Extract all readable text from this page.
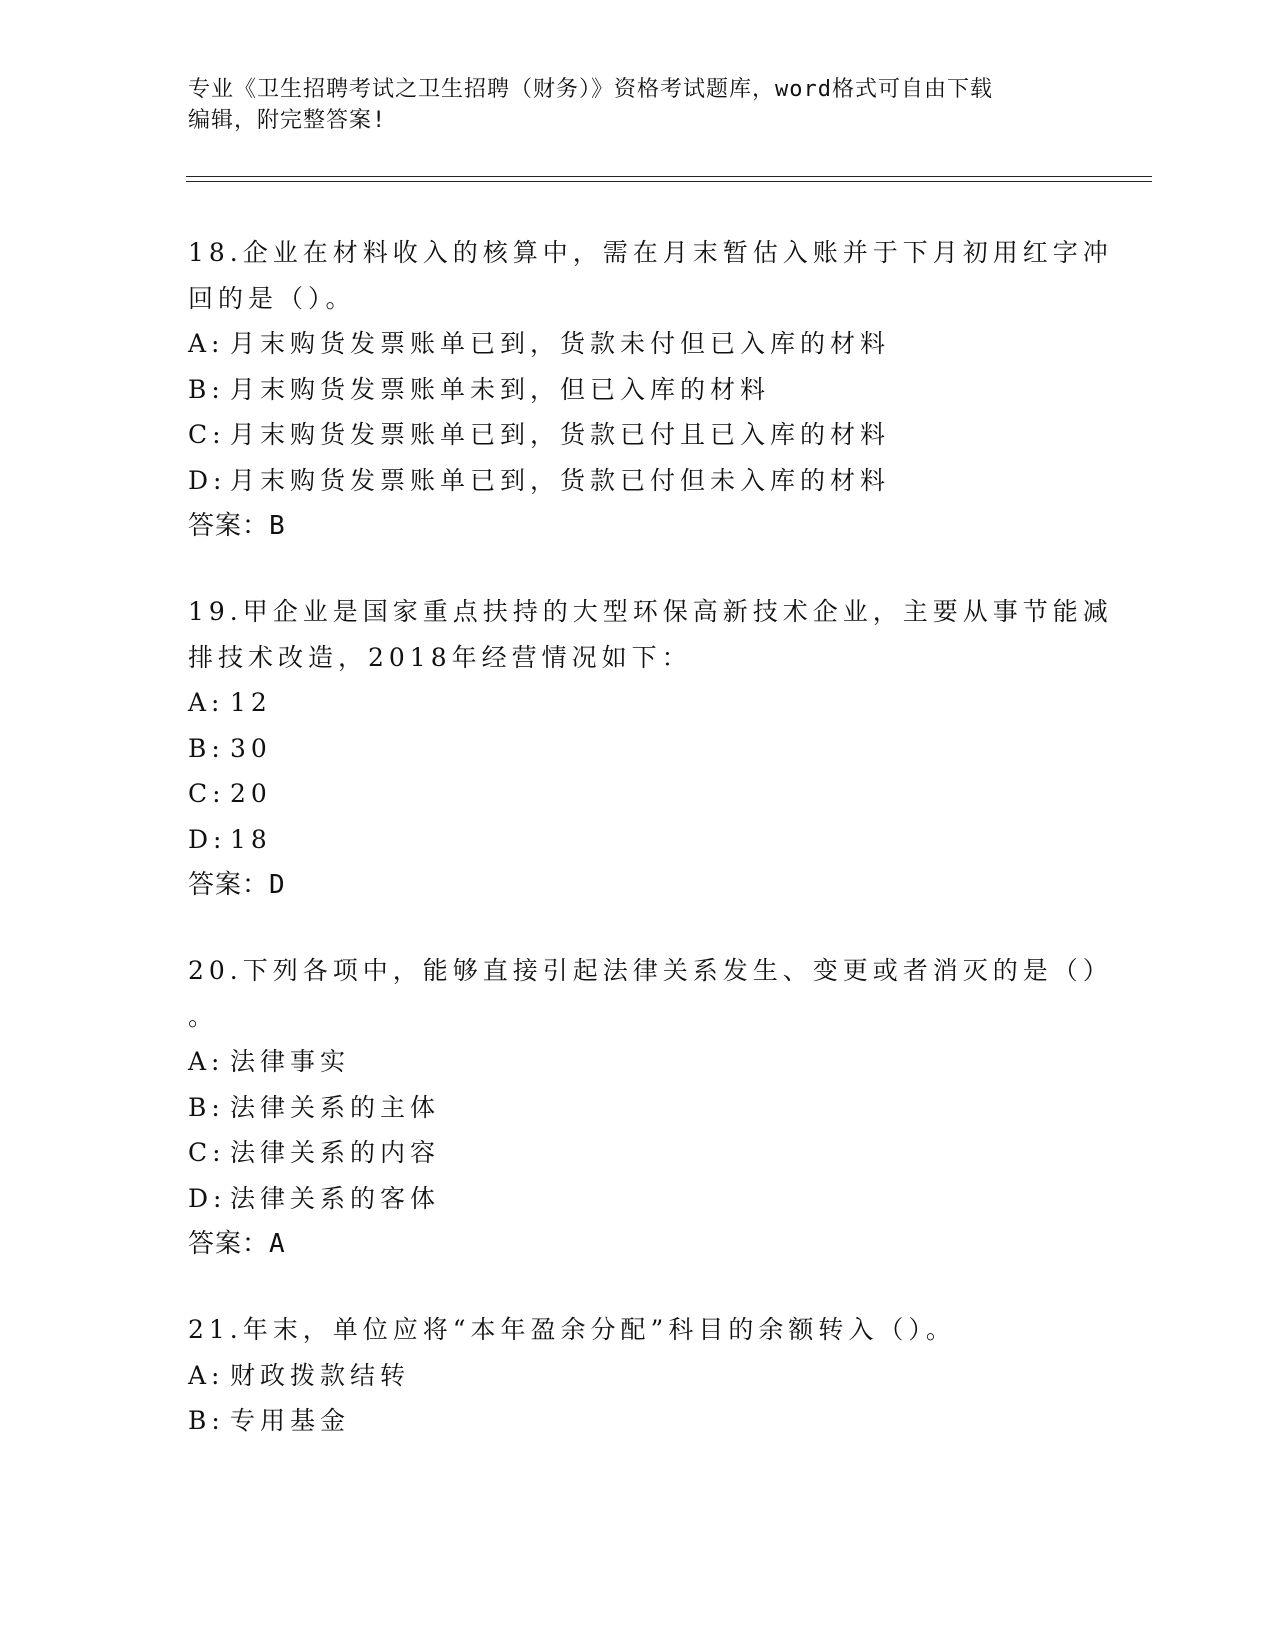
专业《卫生招聘考试之卫生招聘（财务）》资格考试题库，word格式可自由下载
编辑，附完整答案!
18.企业在材料收入的核算中，需在月末暂估入账并于下月初用红字冲
回的是（）。
A: 月末购货发票账单已到，货款未付但已入库的材料
B: 月末购货发票账单未到，但已入库的材料
C: 月末购货发票账单已到，货款已付且已入库的材料
D: 月末购货发票账单已到，货款已付但未入库的材料
答案：B
19.甲企业是国家重点扶持的大型环保高新技术企业，主要从事节能减
排技术改造，2018年经营情况如下：
A: 12
B: 30
C: 20
D: 18
答案：D
20.下列各项中，能够直接引起法律关系发生、变更或者消灭的是（）
。
A: 法律事实
B: 法律关系的主体
C: 法律关系的内容
D: 法律关系的客体
答案：A
21.年末，单位应将“本年盈余分配”科目的余额转入（）。
A: 财政拨款结转
B: 专用基金
